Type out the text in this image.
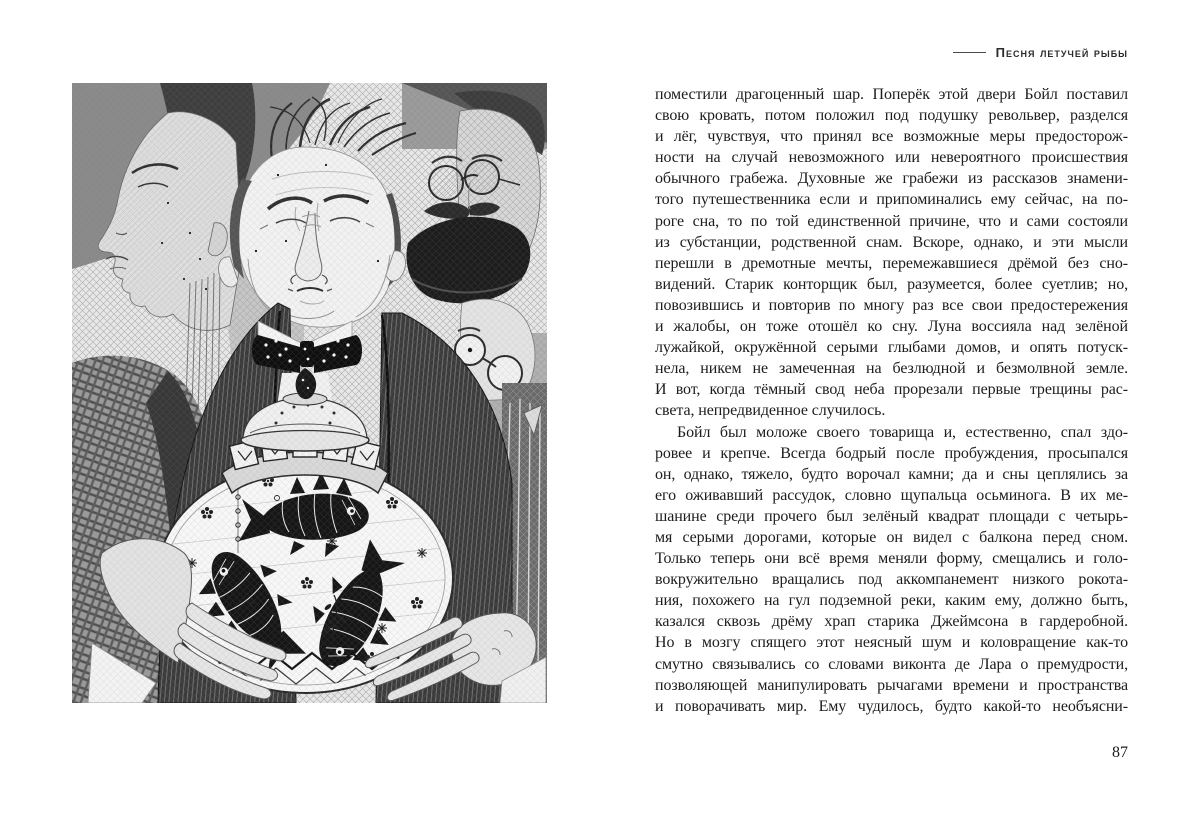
Песня летучей рыбы
поместили драгоценный шар. Поперёк этой двери Бойл поставил
свою кровать, потом положил под подушку револьвер, разделся
и лёг, чувствуя, что принял все возможные меры предосторож-
ности на случай невозможного или невероятного происшествия
обычного грабежа. Духовные же грабежи из рассказов знамени-
того путешественника если и припоминались ему сейчас, на по-
роге сна, то по той единственной причине, что и сами состояли
из субстанции, родственной снам. Вскоре, однако, и эти мысли
перешли в дремотные мечты, перемежавшиеся дрёмой без сно-
видений. Старик конторщик был, разумеется, более суетлив; но,
повозившись и повторив по многу раз все свои предостережения
и жалобы, он тоже отошёл ко сну. Луна воссияла над зелёной
лужайкой, окружённой серыми глыбами домов, и опять потуск-
нела, никем не замеченная на безлюдной и безмолвной земле.
И вот, когда тёмный свод неба прорезали первые трещины рас-
света, непредвиденное случилось.
Бойл был моложе своего товарища и, естественно, спал здо-
ровее и крепче. Всегда бодрый после пробуждения, просыпался
он, однако, тяжело, будто ворочал камни; да и сны цеплялись за
его оживавший рассудок, словно щупальца осьминога. В их ме-
шанине среди прочего был зелёный квадрат площади с четырь-
мя серыми дорогами, которые он видел с балкона перед сном.
Только теперь они всё время меняли форму, смещались и голо-
вокружительно вращались под аккомпанемент низкого рокота-
ния, похожего на гул подземной реки, каким ему, должно быть,
казался сквозь дрёму храп старика Джеймсона в гардеробной.
Но в мозгу спящего этот неясный шум и коловращение как-то
смутно связывались со словами виконта де Лара о премудрости,
позволяющей манипулировать рычагами времени и пространства
и поворачивать мир. Ему чудилось, будто какой-то необъясни-
87
